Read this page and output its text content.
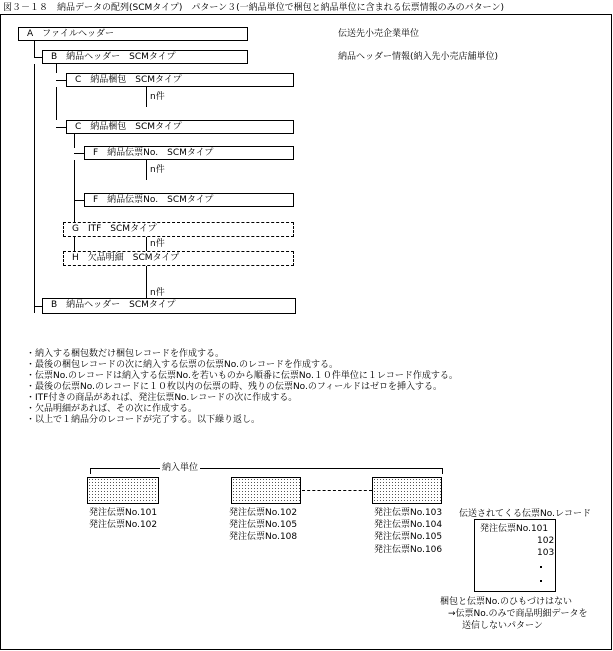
図３－１８　納品データの配列(SCMタイプ)　パターン３(一納品単位で梱包と納品単位に含まれる伝票情報のみのパターン)
A　ファイルヘッダー	伝送先小売企業単位
B　納品ヘッダー　SCMタイプ	納品ヘッダー情報(納入先小売店舗単位)
C　納品梱包　SCMタイプ
n件
C　納品梱包　SCMタイプ
F　納品伝票No.　SCMタイプ
n件
F　納品伝票No.　SCMタイプ
G　ITF　SCMタイプ
n件
H　欠品明細　SCMタイプ
n件
B　納品ヘッダー　SCMタイプ
・納入する梱包数だけ梱包レコードを作成する。
・最後の梱包レコードの次に納入する伝票の伝票No.のレコードを作成する。
・伝票No.のレコードは納入する伝票No.を若いものから順番に伝票No.１０件単位に１レコード作成する。
・最後の伝票No.のレコードに１０枚以内の伝票の時、残りの伝票No.のフィールドはゼロを挿入する。
・ITF付きの商品があれば、発注伝票No.レコードの次に作成する。
・欠品明細があれば、その次に作成する。
・以上で１納品分のレコードが完了する。以下繰り返し。
納入単位
発注伝票No.101
発注伝票No.102
発注伝票No.102
発注伝票No.105
発注伝票No.108
発注伝票No.103
発注伝票No.104
発注伝票No.105
発注伝票No.106
伝送されてくる伝票No.レコード
発注伝票No.101
102
103
梱包と伝票No.のひもづけはない
→伝票No.のみで商品明細データを
送信しないパターン
